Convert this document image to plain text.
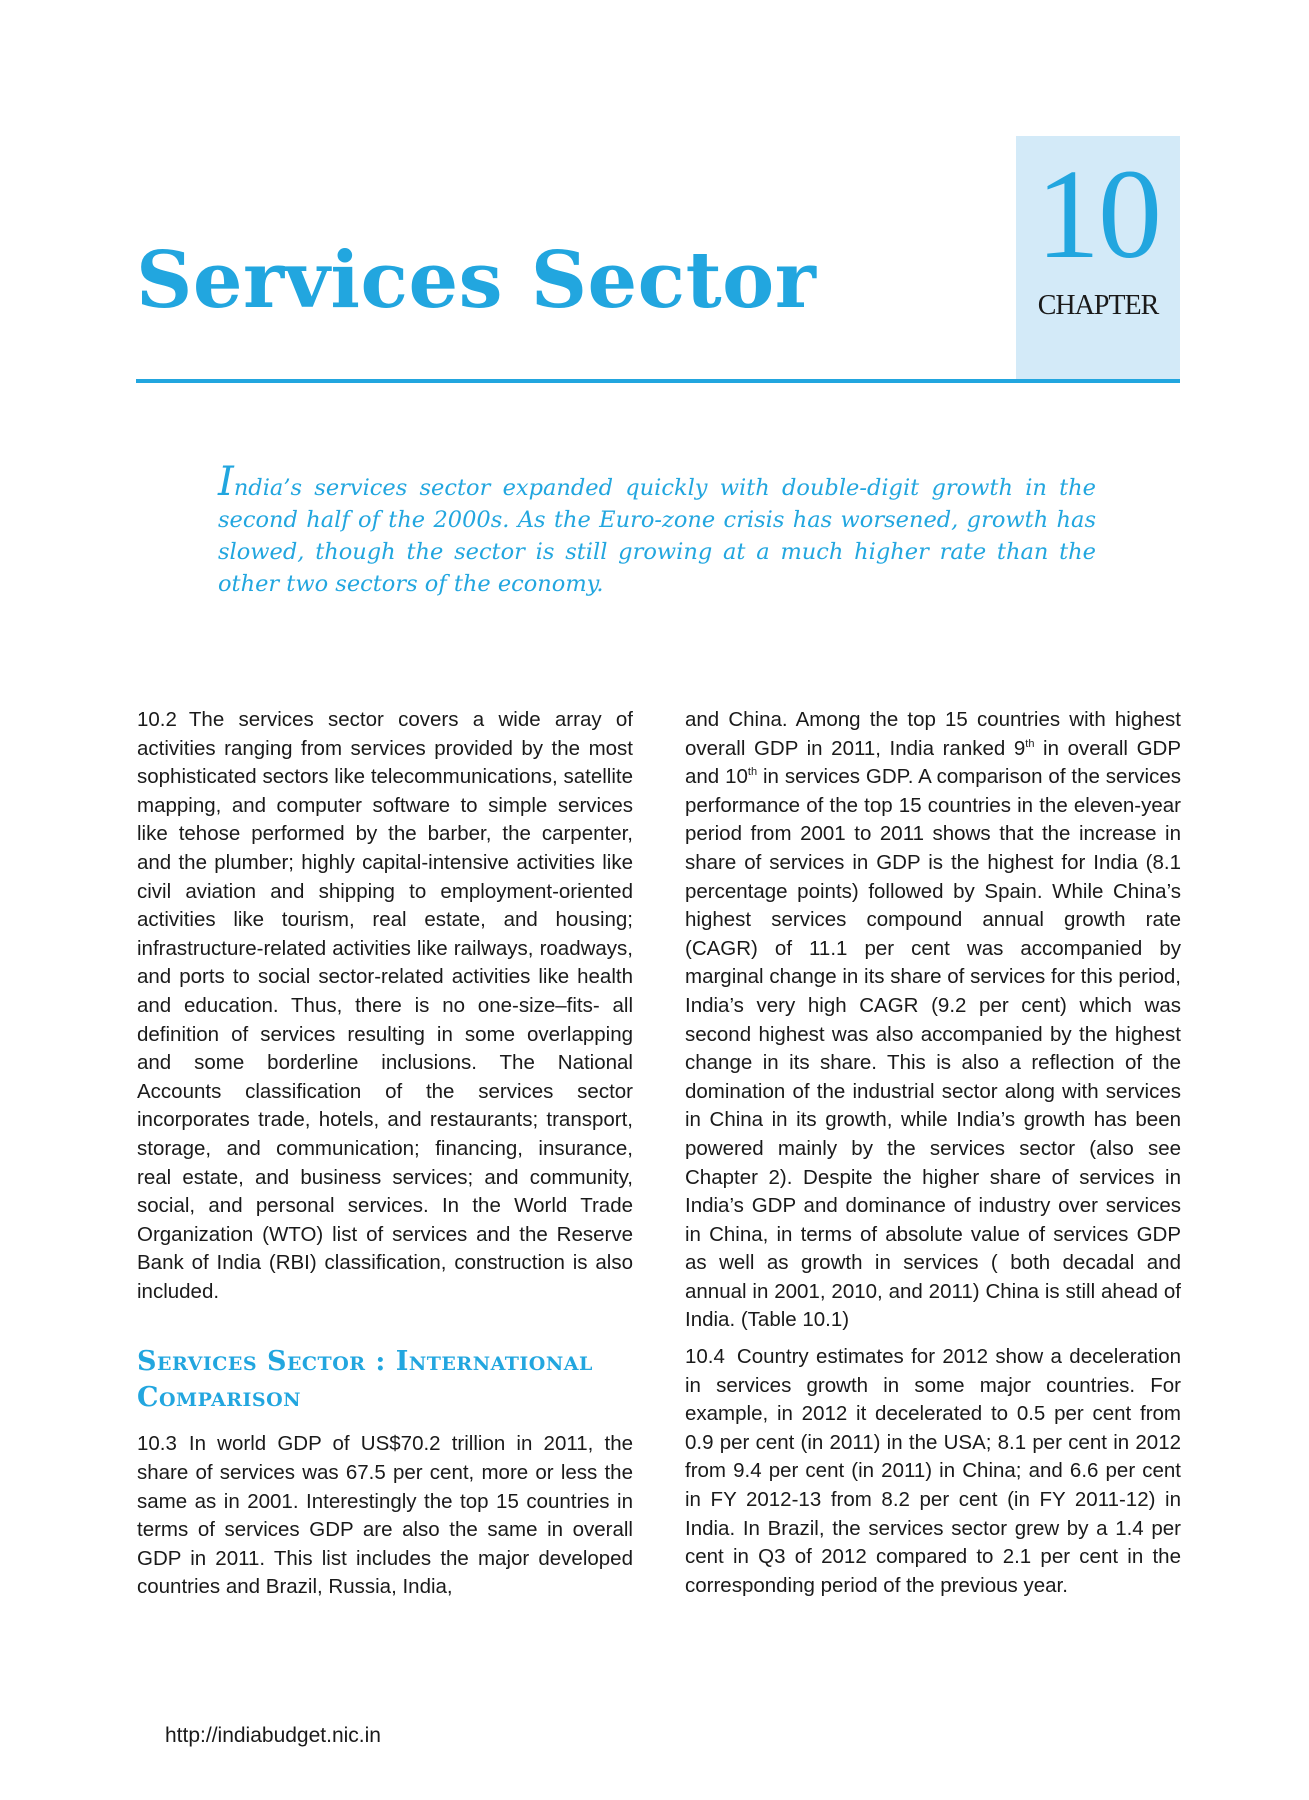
Services Sector 10
CHAPTER

India’s services sector expanded quickly with double-digit growth in the second half of the 2000s. As the Euro-zone crisis has worsened, growth has slowed, though the sector is still growing at a much higher rate than the other two sectors of the economy.

10.2 The services sector covers a wide array of activities ranging from services provided by the most sophisticated sectors like telecommunications, satellite mapping, and computer software to simple services like tehose performed by the barber, the carpenter, and the plumber; highly capital-intensive activities like civil aviation and shipping to employment-oriented activities like tourism, real estate, and housing; infrastructure-related activities like railways, roadways, and ports to social sector-related activities like health and education. Thus, there is no one-size–fits- all definition of services resulting in some overlapping and some borderline inclusions. The National Accounts classification of the services sector incorporates trade, hotels, and restaurants; transport, storage, and communication; financing, insurance, real estate, and business services; and community, social, and personal services. In the World Trade Organization (WTO) list of services and the Reserve Bank of India (RBI) classification, construction is also included.

Services Sector : International Comparison

10.3 In world GDP of US$70.2 trillion in 2011, the share of services was 67.5 per cent, more or less the same as in 2001. Interestingly the top 15 countries in terms of services GDP are also the same in overall GDP in 2011. This list includes the major developed countries and Brazil, Russia, India,

and China. Among the top 15 countries with highest overall GDP in 2011, India ranked 9th in overall GDP and 10th in services GDP. A comparison of the services performance of the top 15 countries in the eleven-year period from 2001 to 2011 shows that the increase in share of services in GDP is the highest for India (8.1 percentage points) followed by Spain. While China’s highest services compound annual growth rate (CAGR) of 11.1 per cent was accompanied by marginal change in its share of services for this period, India’s very high CAGR (9.2 per cent) which was second highest was also accompanied by the highest change in its share. This is also a reflection of the domination of the industrial sector along with services in China in its growth, while India’s growth has been powered mainly by the services sector (also see Chapter 2). Despite the higher share of services in India’s GDP and dominance of industry over services in China, in terms of absolute value of services GDP as well as growth in services ( both decadal and annual in 2001, 2010, and 2011) China is still ahead of India. (Table 10.1)

10.4 Country estimates for 2012 show a deceleration in services growth in some major countries. For example, in 2012 it decelerated to 0.5 per cent from 0.9 per cent (in 2011) in the USA; 8.1 per cent in 2012 from 9.4 per cent (in 2011) in China; and 6.6 per cent in FY 2012-13 from 8.2 per cent (in FY 2011-12) in India. In Brazil, the services sector grew by a 1.4 per cent in Q3 of 2012 compared to 2.1 per cent in the corresponding period of the previous year.

http://indiabudget.nic.in
